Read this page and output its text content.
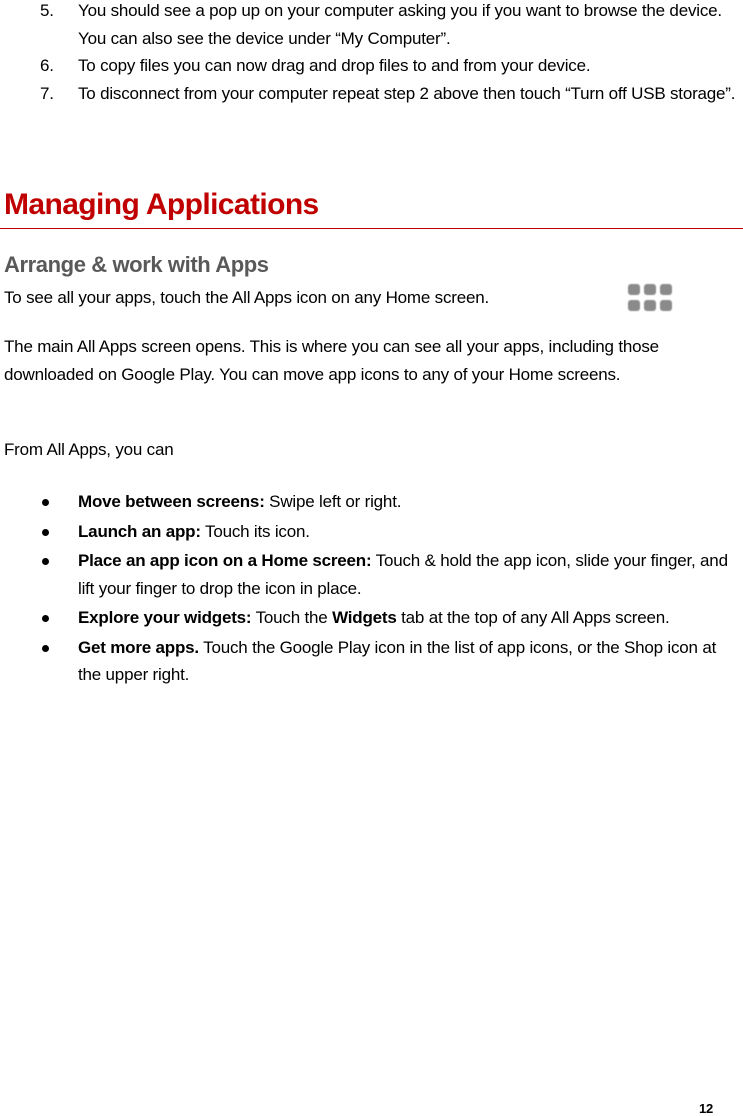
5. You should see a pop up on your computer asking you if you want to browse the device. You can also see the device under “My Computer”.
6. To copy files you can now drag and drop files to and from your device.
7. To disconnect from your computer repeat step 2 above then touch “Turn off USB storage”.
Managing Applications
Arrange & work with Apps
To see all your apps, touch the All Apps icon on any Home screen.
The main All Apps screen opens. This is where you can see all your apps, including those downloaded on Google Play. You can move app icons to any of your Home screens.
From All Apps, you can
Move between screens: Swipe left or right.
Launch an app: Touch its icon.
Place an app icon on a Home screen: Touch & hold the app icon, slide your finger, and lift your finger to drop the icon in place.
Explore your widgets: Touch the Widgets tab at the top of any All Apps screen.
Get more apps. Touch the Google Play icon in the list of app icons, or the Shop icon at the upper right.
12
